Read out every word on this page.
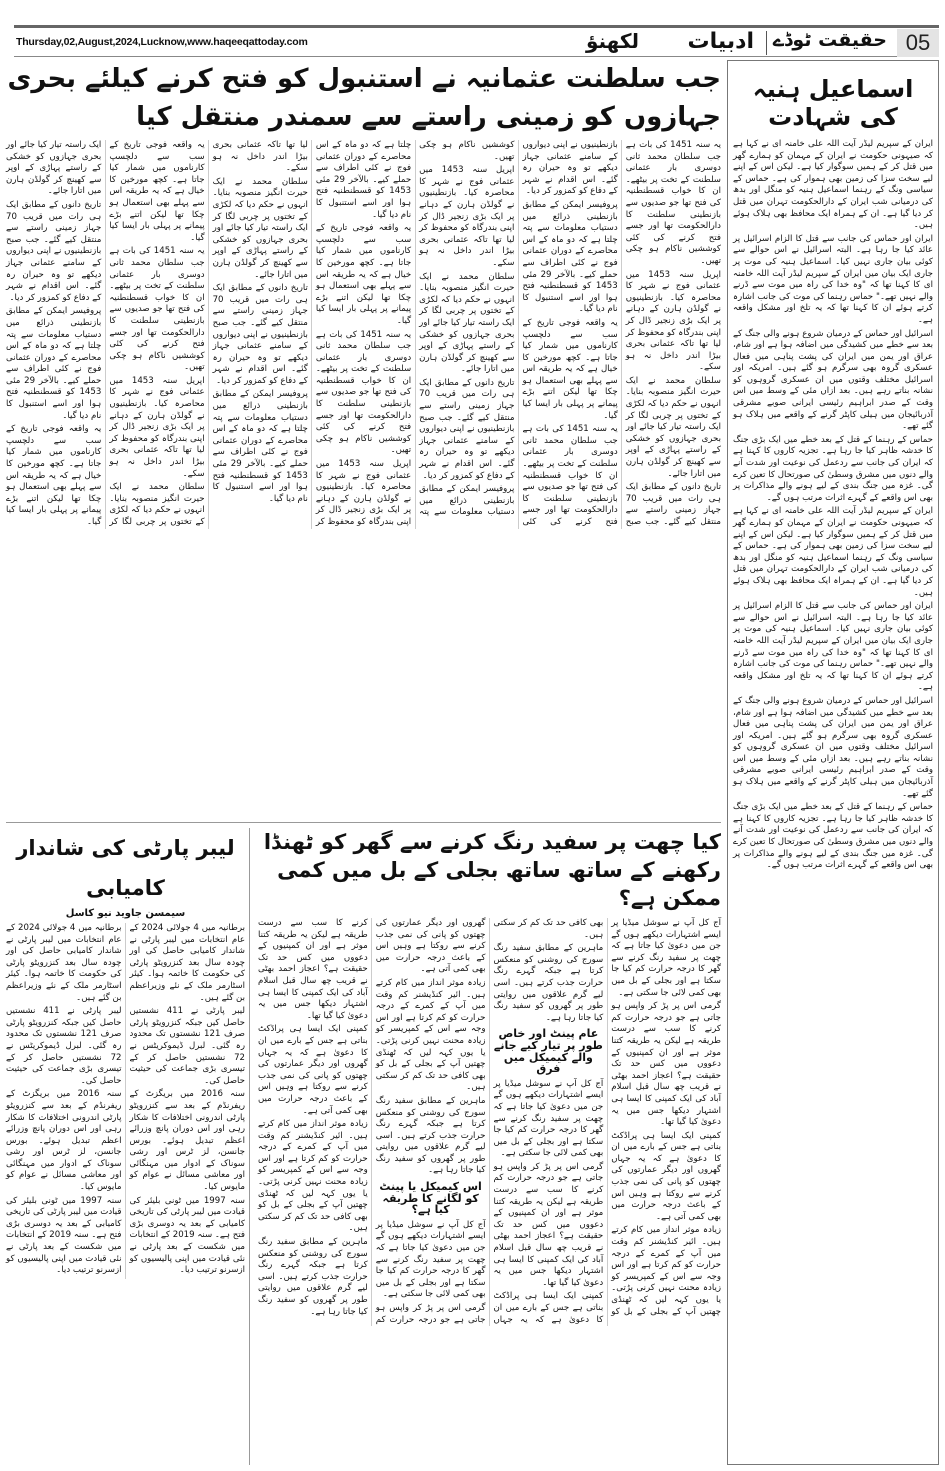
Thursday,02,August,2024,Lucknow,www.haqeeqattoday.com	لکھنؤ ادبیات حقیقت ٹوڈے 05
اسماعیل ہنیہ کی شہادت

ایران کے سپریم لیڈر آیت اللہ علی خامنہ ای نے کہا ہے کہ صیہونی حکومت نے ایران کے مہمان کو ہمارے گھر میں قتل کر کے ہمیں سوگوار کیا ہے۔ لیکن اس کے اپنے لیے سخت سزا کی زمین بھی ہموار کی ہے۔ حماس کے سیاسی ونگ کے رہنما اسماعیل ہنیہ کو منگل اور بدھ کی درمیانی شب ایران کے دارالحکومت تہران میں قتل کر دیا گیا ہے۔ ان کے ہمراہ ایک محافظ بھی ہلاک ہوئے ہیں۔

ایران اور حماس کی جانب سے قتل کا الزام اسرائیل پر عائد کیا جا رہا ہے۔ البتہ اسرائیل نے اس حوالے سے کوئی بیان جاری نہیں کیا۔ اسماعیل ہنیہ کی موت پر جاری ایک بیان میں ایران کے سپریم لیڈر آیت اللہ خامنہ ای کا کہنا تھا کہ "وہ خدا کی راہ میں موت سے ڈرنے والے نہیں تھے۔" حماس رہنما کی موت کی جانب اشارہ کرتے ہوئے ان کا کہنا تھا کہ یہ تلخ اور مشکل واقعہ ہے۔

اسرائیل اور حماس کے درمیان شروع ہونے والی جنگ کے بعد سے خطے میں کشیدگی میں اضافہ ہوا ہے اور شام، عراق اور یمن میں ایران کی پشت پناہی میں فعال عسکری گروہ بھی سرگرم ہو گئے ہیں۔ امریکہ اور اسرائیل مختلف وقتوں میں ان عسکری گروہوں کو نشانہ بناتے رہے ہیں۔ بعد ازاں مئی کے وسط میں اس وقت کے صدر ابراہیم رئیسی ایرانی صوبے مشرقی آذربائیجان میں ہیلی کاپٹر گرنے کے واقعے میں ہلاک ہو گئے تھے۔

حماس کے رہنما کے قتل کے بعد خطے میں ایک بڑی جنگ کا خدشہ ظاہر کیا جا رہا ہے۔ تجزیہ کاروں کا کہنا ہے کہ ایران کی جانب سے ردعمل کی نوعیت اور شدت آنے والے دنوں میں مشرق وسطیٰ کی صورتحال کا تعین کرے گی۔ غزہ میں جنگ بندی کے لیے ہونے والے مذاکرات پر بھی اس واقعے کے گہرے اثرات مرتب ہوں گے۔

ایران کے سپریم لیڈر آیت اللہ علی خامنہ ای نے کہا ہے کہ صیہونی حکومت نے ایران کے مہمان کو ہمارے گھر میں قتل کر کے ہمیں سوگوار کیا ہے۔ لیکن اس کے اپنے لیے سخت سزا کی زمین بھی ہموار کی ہے۔ حماس کے سیاسی ونگ کے رہنما اسماعیل ہنیہ کو منگل اور بدھ کی درمیانی شب ایران کے دارالحکومت تہران میں قتل کر دیا گیا ہے۔ ان کے ہمراہ ایک محافظ بھی ہلاک ہوئے ہیں۔

ایران اور حماس کی جانب سے قتل کا الزام اسرائیل پر عائد کیا جا رہا ہے۔ البتہ اسرائیل نے اس حوالے سے کوئی بیان جاری نہیں کیا۔ اسماعیل ہنیہ کی موت پر جاری ایک بیان میں ایران کے سپریم لیڈر آیت اللہ خامنہ ای کا کہنا تھا کہ "وہ خدا کی راہ میں موت سے ڈرنے والے نہیں تھے۔" حماس رہنما کی موت کی جانب اشارہ کرتے ہوئے ان کا کہنا تھا کہ یہ تلخ اور مشکل واقعہ ہے۔

اسرائیل اور حماس کے درمیان شروع ہونے والی جنگ کے بعد سے خطے میں کشیدگی میں اضافہ ہوا ہے اور شام، عراق اور یمن میں ایران کی پشت پناہی میں فعال عسکری گروہ بھی سرگرم ہو گئے ہیں۔ امریکہ اور اسرائیل مختلف وقتوں میں ان عسکری گروہوں کو نشانہ بناتے رہے ہیں۔ بعد ازاں مئی کے وسط میں اس وقت کے صدر ابراہیم رئیسی ایرانی صوبے مشرقی آذربائیجان میں ہیلی کاپٹر گرنے کے واقعے میں ہلاک ہو گئے تھے۔

حماس کے رہنما کے قتل کے بعد خطے میں ایک بڑی جنگ کا خدشہ ظاہر کیا جا رہا ہے۔ تجزیہ کاروں کا کہنا ہے کہ ایران کی جانب سے ردعمل کی نوعیت اور شدت آنے والے دنوں میں مشرق وسطیٰ کی صورتحال کا تعین کرے گی۔ غزہ میں جنگ بندی کے لیے ہونے والے مذاکرات پر بھی اس واقعے کے گہرے اثرات مرتب ہوں گے۔

جب سلطنت عثمانیہ نے استنبول کو فتح کرنے کیلئے بحری جہازوں کو زمینی راستے سے سمندر منتقل کیا

یہ سنہ 1451 کی بات ہے جب سلطان محمد ثانی دوسری بار عثمانی سلطنت کے تخت پر بیٹھے۔ ان کا خواب قسطنطنیہ کی فتح تھا جو صدیوں سے بازنطینی سلطنت کا دارالحکومت تھا اور جسے فتح کرنے کی کئی کوششیں ناکام ہو چکی تھیں۔

اپریل سنہ 1453 میں عثمانی فوج نے شہر کا محاصرہ کیا۔ بازنطینیوں نے گولڈن ہارن کے دہانے پر ایک بڑی زنجیر ڈال کر اپنی بندرگاہ کو محفوظ کر لیا تھا تاکہ عثمانی بحری بیڑا اندر داخل نہ ہو سکے۔

سلطان محمد نے ایک حیرت انگیز منصوبہ بنایا۔ انہوں نے حکم دیا کہ لکڑی کے تختوں پر چربی لگا کر ایک راستہ تیار کیا جائے اور بحری جہازوں کو خشکی کے راستے پہاڑی کے اوپر سے کھینچ کر گولڈن ہارن میں اتارا جائے۔

تاریخ دانوں کے مطابق ایک ہی رات میں قریب 70 جہاز زمینی راستے سے منتقل کیے گئے۔ جب صبح بازنطینیوں نے اپنی دیواروں کے سامنے عثمانی جہاز دیکھے تو وہ حیران رہ گئے۔ اس اقدام نے شہر کے دفاع کو کمزور کر دیا۔

پروفیسر ایمکن کے مطابق بازنطینی ذرائع میں دستیاب معلومات سے پتہ چلتا ہے کہ دو ماہ کے اس محاصرے کے دوران عثمانی فوج نے کئی اطراف سے حملے کیے۔ بالآخر 29 مئی 1453 کو قسطنطنیہ فتح ہوا اور اسے استنبول کا نام دیا گیا۔

یہ واقعہ فوجی تاریخ کے سب سے دلچسپ کارناموں میں شمار کیا جاتا ہے۔ کچھ مورخین کا خیال ہے کہ یہ طریقہ اس سے پہلے بھی استعمال ہو چکا تھا لیکن اتنے بڑے پیمانے پر پہلی بار ایسا کیا گیا۔

یہ سنہ 1451 کی بات ہے جب سلطان محمد ثانی دوسری بار عثمانی سلطنت کے تخت پر بیٹھے۔ ان کا خواب قسطنطنیہ کی فتح تھا جو صدیوں سے بازنطینی سلطنت کا دارالحکومت تھا اور جسے فتح کرنے کی کئی کوششیں ناکام ہو چکی تھیں۔

اپریل سنہ 1453 میں عثمانی فوج نے شہر کا محاصرہ کیا۔ بازنطینیوں نے گولڈن ہارن کے دہانے پر ایک بڑی زنجیر ڈال کر اپنی بندرگاہ کو محفوظ کر لیا تھا تاکہ عثمانی بحری بیڑا اندر داخل نہ ہو سکے۔

سلطان محمد نے ایک حیرت انگیز منصوبہ بنایا۔ انہوں نے حکم دیا کہ لکڑی کے تختوں پر چربی لگا کر ایک راستہ تیار کیا جائے اور بحری جہازوں کو خشکی کے راستے پہاڑی کے اوپر سے کھینچ کر گولڈن ہارن میں اتارا جائے۔

تاریخ دانوں کے مطابق ایک ہی رات میں قریب 70 جہاز زمینی راستے سے منتقل کیے گئے۔ جب صبح بازنطینیوں نے اپنی دیواروں کے سامنے عثمانی جہاز دیکھے تو وہ حیران رہ گئے۔ اس اقدام نے شہر کے دفاع کو کمزور کر دیا۔

پروفیسر ایمکن کے مطابق بازنطینی ذرائع میں دستیاب معلومات سے پتہ چلتا ہے کہ دو ماہ کے اس محاصرے کے دوران عثمانی فوج نے کئی اطراف سے حملے کیے۔ بالآخر 29 مئی 1453 کو قسطنطنیہ فتح ہوا اور اسے استنبول کا نام دیا گیا۔

یہ واقعہ فوجی تاریخ کے سب سے دلچسپ کارناموں میں شمار کیا جاتا ہے۔ کچھ مورخین کا خیال ہے کہ یہ طریقہ اس سے پہلے بھی استعمال ہو چکا تھا لیکن اتنے بڑے پیمانے پر پہلی بار ایسا کیا گیا۔

یہ سنہ 1451 کی بات ہے جب سلطان محمد ثانی دوسری بار عثمانی سلطنت کے تخت پر بیٹھے۔ ان کا خواب قسطنطنیہ کی فتح تھا جو صدیوں سے بازنطینی سلطنت کا دارالحکومت تھا اور جسے فتح کرنے کی کئی کوششیں ناکام ہو چکی تھیں۔

اپریل سنہ 1453 میں عثمانی فوج نے شہر کا محاصرہ کیا۔ بازنطینیوں نے گولڈن ہارن کے دہانے پر ایک بڑی زنجیر ڈال کر اپنی بندرگاہ کو محفوظ کر لیا تھا تاکہ عثمانی بحری بیڑا اندر داخل نہ ہو سکے۔

سلطان محمد نے ایک حیرت انگیز منصوبہ بنایا۔ انہوں نے حکم دیا کہ لکڑی کے تختوں پر چربی لگا کر ایک راستہ تیار کیا جائے اور بحری جہازوں کو خشکی کے راستے پہاڑی کے اوپر سے کھینچ کر گولڈن ہارن میں اتارا جائے۔

تاریخ دانوں کے مطابق ایک ہی رات میں قریب 70 جہاز زمینی راستے سے منتقل کیے گئے۔ جب صبح بازنطینیوں نے اپنی دیواروں کے سامنے عثمانی جہاز دیکھے تو وہ حیران رہ گئے۔ اس اقدام نے شہر کے دفاع کو کمزور کر دیا۔

پروفیسر ایمکن کے مطابق بازنطینی ذرائع میں دستیاب معلومات سے پتہ چلتا ہے کہ دو ماہ کے اس محاصرے کے دوران عثمانی فوج نے کئی اطراف سے حملے کیے۔ بالآخر 29 مئی 1453 کو قسطنطنیہ فتح ہوا اور اسے استنبول کا نام دیا گیا۔

یہ واقعہ فوجی تاریخ کے سب سے دلچسپ کارناموں میں شمار کیا جاتا ہے۔ کچھ مورخین کا خیال ہے کہ یہ طریقہ اس سے پہلے بھی استعمال ہو چکا تھا لیکن اتنے بڑے پیمانے پر پہلی بار ایسا کیا گیا۔

یہ سنہ 1451 کی بات ہے جب سلطان محمد ثانی دوسری بار عثمانی سلطنت کے تخت پر بیٹھے۔ ان کا خواب قسطنطنیہ کی فتح تھا جو صدیوں سے بازنطینی سلطنت کا دارالحکومت تھا اور جسے فتح کرنے کی کئی کوششیں ناکام ہو چکی تھیں۔

اپریل سنہ 1453 میں عثمانی فوج نے شہر کا محاصرہ کیا۔ بازنطینیوں نے گولڈن ہارن کے دہانے پر ایک بڑی زنجیر ڈال کر اپنی بندرگاہ کو محفوظ کر لیا تھا تاکہ عثمانی بحری بیڑا اندر داخل نہ ہو سکے۔

سلطان محمد نے ایک حیرت انگیز منصوبہ بنایا۔ انہوں نے حکم دیا کہ لکڑی کے تختوں پر چربی لگا کر ایک راستہ تیار کیا جائے اور بحری جہازوں کو خشکی کے راستے پہاڑی کے اوپر سے کھینچ کر گولڈن ہارن میں اتارا جائے۔

تاریخ دانوں کے مطابق ایک ہی رات میں قریب 70 جہاز زمینی راستے سے منتقل کیے گئے۔ جب صبح بازنطینیوں نے اپنی دیواروں کے سامنے عثمانی جہاز دیکھے تو وہ حیران رہ گئے۔ اس اقدام نے شہر کے دفاع کو کمزور کر دیا۔

پروفیسر ایمکن کے مطابق بازنطینی ذرائع میں دستیاب معلومات سے پتہ چلتا ہے کہ دو ماہ کے اس محاصرے کے دوران عثمانی فوج نے کئی اطراف سے حملے کیے۔ بالآخر 29 مئی 1453 کو قسطنطنیہ فتح ہوا اور اسے استنبول کا نام دیا گیا۔

یہ واقعہ فوجی تاریخ کے سب سے دلچسپ کارناموں میں شمار کیا جاتا ہے۔ کچھ مورخین کا خیال ہے کہ یہ طریقہ اس سے پہلے بھی استعمال ہو چکا تھا لیکن اتنے بڑے پیمانے پر پہلی بار ایسا کیا گیا۔

کیا چھت پر سفید رنگ کرنے سے گھر کو ٹھنڈا رکھنے کے ساتھ ساتھ بجلی کے بل میں کمی ممکن ہے؟

آج کل آپ نے سوشل میڈیا پر ایسے اشتہارات دیکھے ہوں گے جن میں دعویٰ کیا جاتا ہے کہ چھت پر سفید رنگ کرنے سے گھر کا درجہ حرارت کم کیا جا سکتا ہے اور بجلی کے بل میں بھی کمی لائی جا سکتی ہے۔

گرمی اس پر پڑ کر واپس ہو جاتی ہے جو درجہ حرارت کم کرنے کا سب سے درست طریقہ ہے لیکن یہ طریقہ کتنا موثر ہے اور ان کمپنیوں کے دعووں میں کس حد تک حقیقت ہے؟ اعجاز احمد بھٹی نے قریب چھ سال قبل اسلام آباد کی ایک کمپنی کا ایسا ہی اشتہار دیکھا جس میں یہ دعویٰ کیا گیا تھا۔

کمپنی ایک ایسا ہی پراڈکٹ بناتی ہے جس کے بارے میں ان کا دعویٰ ہے کہ یہ جہاں گھروں اور دیگر عمارتوں کی چھتوں کو پانی کی نمی جذب کرنے سے روکتا ہے وہیں اس کے باعث درجہ حرارت میں بھی کمی آتی ہے۔

زیادہ موثر انداز میں کام کرتے ہیں۔ ائیر کنڈیشنر کم وقت میں آپ کے کمرے کے درجہ حرارت کو کم کرتا ہے اور اس وجہ سے اس کے کمپریسر کو زیادہ محنت نہیں کرنی پڑتی۔ یا یوں کہہ لیں کہ ٹھنڈی چھتیں آپ کے بجلی کے بل کو بھی کافی حد تک کم کر سکتی ہیں۔

ماہرین کے مطابق سفید رنگ سورج کی روشنی کو منعکس کرتا ہے جبکہ گہرے رنگ حرارت جذب کرتے ہیں۔ اسی لیے گرم علاقوں میں روایتی طور پر گھروں کو سفید رنگ کیا جاتا رہا ہے۔

عام پینٹ اور خاص طور پر تیار کیے جانے والے کیمیکل میں فرق

آج کل آپ نے سوشل میڈیا پر ایسے اشتہارات دیکھے ہوں گے جن میں دعویٰ کیا جاتا ہے کہ چھت پر سفید رنگ کرنے سے گھر کا درجہ حرارت کم کیا جا سکتا ہے اور بجلی کے بل میں بھی کمی لائی جا سکتی ہے۔

گرمی اس پر پڑ کر واپس ہو جاتی ہے جو درجہ حرارت کم کرنے کا سب سے درست طریقہ ہے لیکن یہ طریقہ کتنا موثر ہے اور ان کمپنیوں کے دعووں میں کس حد تک حقیقت ہے؟ اعجاز احمد بھٹی نے قریب چھ سال قبل اسلام آباد کی ایک کمپنی کا ایسا ہی اشتہار دیکھا جس میں یہ دعویٰ کیا گیا تھا۔

کمپنی ایک ایسا ہی پراڈکٹ بناتی ہے جس کے بارے میں ان کا دعویٰ ہے کہ یہ جہاں گھروں اور دیگر عمارتوں کی چھتوں کو پانی کی نمی جذب کرنے سے روکتا ہے وہیں اس کے باعث درجہ حرارت میں بھی کمی آتی ہے۔

زیادہ موثر انداز میں کام کرتے ہیں۔ ائیر کنڈیشنر کم وقت میں آپ کے کمرے کے درجہ حرارت کو کم کرتا ہے اور اس وجہ سے اس کے کمپریسر کو زیادہ محنت نہیں کرنی پڑتی۔ یا یوں کہہ لیں کہ ٹھنڈی چھتیں آپ کے بجلی کے بل کو بھی کافی حد تک کم کر سکتی ہیں۔

ماہرین کے مطابق سفید رنگ سورج کی روشنی کو منعکس کرتا ہے جبکہ گہرے رنگ حرارت جذب کرتے ہیں۔ اسی لیے گرم علاقوں میں روایتی طور پر گھروں کو سفید رنگ کیا جاتا رہا ہے۔

اس کیمیکل یا پینٹ کو لگانے کا طریقہ کیا ہے؟

آج کل آپ نے سوشل میڈیا پر ایسے اشتہارات دیکھے ہوں گے جن میں دعویٰ کیا جاتا ہے کہ چھت پر سفید رنگ کرنے سے گھر کا درجہ حرارت کم کیا جا سکتا ہے اور بجلی کے بل میں بھی کمی لائی جا سکتی ہے۔

گرمی اس پر پڑ کر واپس ہو جاتی ہے جو درجہ حرارت کم کرنے کا سب سے درست طریقہ ہے لیکن یہ طریقہ کتنا موثر ہے اور ان کمپنیوں کے دعووں میں کس حد تک حقیقت ہے؟ اعجاز احمد بھٹی نے قریب چھ سال قبل اسلام آباد کی ایک کمپنی کا ایسا ہی اشتہار دیکھا جس میں یہ دعویٰ کیا گیا تھا۔

کمپنی ایک ایسا ہی پراڈکٹ بناتی ہے جس کے بارے میں ان کا دعویٰ ہے کہ یہ جہاں گھروں اور دیگر عمارتوں کی چھتوں کو پانی کی نمی جذب کرنے سے روکتا ہے وہیں اس کے باعث درجہ حرارت میں بھی کمی آتی ہے۔

زیادہ موثر انداز میں کام کرتے ہیں۔ ائیر کنڈیشنر کم وقت میں آپ کے کمرے کے درجہ حرارت کو کم کرتا ہے اور اس وجہ سے اس کے کمپریسر کو زیادہ محنت نہیں کرنی پڑتی۔ یا یوں کہہ لیں کہ ٹھنڈی چھتیں آپ کے بجلی کے بل کو بھی کافی حد تک کم کر سکتی ہیں۔

ماہرین کے مطابق سفید رنگ سورج کی روشنی کو منعکس کرتا ہے جبکہ گہرے رنگ حرارت جذب کرتے ہیں۔ اسی لیے گرم علاقوں میں روایتی طور پر گھروں کو سفید رنگ کیا جاتا رہا ہے۔

لیبر پارٹی کی شاندار کامیابی
سیمسن جاوید نیو کاسل

برطانیہ میں 4 جولائی 2024 کے عام انتخابات میں لیبر پارٹی نے شاندار کامیابی حاصل کی اور چودہ سال بعد کنزرویٹو پارٹی کی حکومت کا خاتمہ ہوا۔ کیئر اسٹارمر ملک کے نئے وزیراعظم بن گئے ہیں۔

لیبر پارٹی نے 411 نشستیں حاصل کیں جبکہ کنزرویٹو پارٹی صرف 121 نشستوں تک محدود رہ گئی۔ لبرل ڈیموکریٹس نے 72 نشستیں حاصل کر کے تیسری بڑی جماعت کی حیثیت حاصل کی۔

سنہ 2016 میں بریگزٹ کے ریفرنڈم کے بعد سے کنزرویٹو پارٹی اندرونی اختلافات کا شکار رہی اور اس دوران پانچ وزرائے اعظم تبدیل ہوئے۔ بورس جانسن، لز ٹرس اور رشی سوناک کے ادوار میں مہنگائی اور معاشی مسائل نے عوام کو مایوس کیا۔

سنہ 1997 میں ٹونی بلیئر کی قیادت میں لیبر پارٹی کی تاریخی کامیابی کے بعد یہ دوسری بڑی فتح ہے۔ سنہ 2019 کے انتخابات میں شکست کے بعد پارٹی نے نئی قیادت میں اپنی پالیسیوں کو ازسرنو ترتیب دیا۔

برطانیہ میں 4 جولائی 2024 کے عام انتخابات میں لیبر پارٹی نے شاندار کامیابی حاصل کی اور چودہ سال بعد کنزرویٹو پارٹی کی حکومت کا خاتمہ ہوا۔ کیئر اسٹارمر ملک کے نئے وزیراعظم بن گئے ہیں۔

لیبر پارٹی نے 411 نشستیں حاصل کیں جبکہ کنزرویٹو پارٹی صرف 121 نشستوں تک محدود رہ گئی۔ لبرل ڈیموکریٹس نے 72 نشستیں حاصل کر کے تیسری بڑی جماعت کی حیثیت حاصل کی۔

سنہ 2016 میں بریگزٹ کے ریفرنڈم کے بعد سے کنزرویٹو پارٹی اندرونی اختلافات کا شکار رہی اور اس دوران پانچ وزرائے اعظم تبدیل ہوئے۔ بورس جانسن، لز ٹرس اور رشی سوناک کے ادوار میں مہنگائی اور معاشی مسائل نے عوام کو مایوس کیا۔

سنہ 1997 میں ٹونی بلیئر کی قیادت میں لیبر پارٹی کی تاریخی کامیابی کے بعد یہ دوسری بڑی فتح ہے۔ سنہ 2019 کے انتخابات میں شکست کے بعد پارٹی نے نئی قیادت میں اپنی پالیسیوں کو ازسرنو ترتیب دیا۔
